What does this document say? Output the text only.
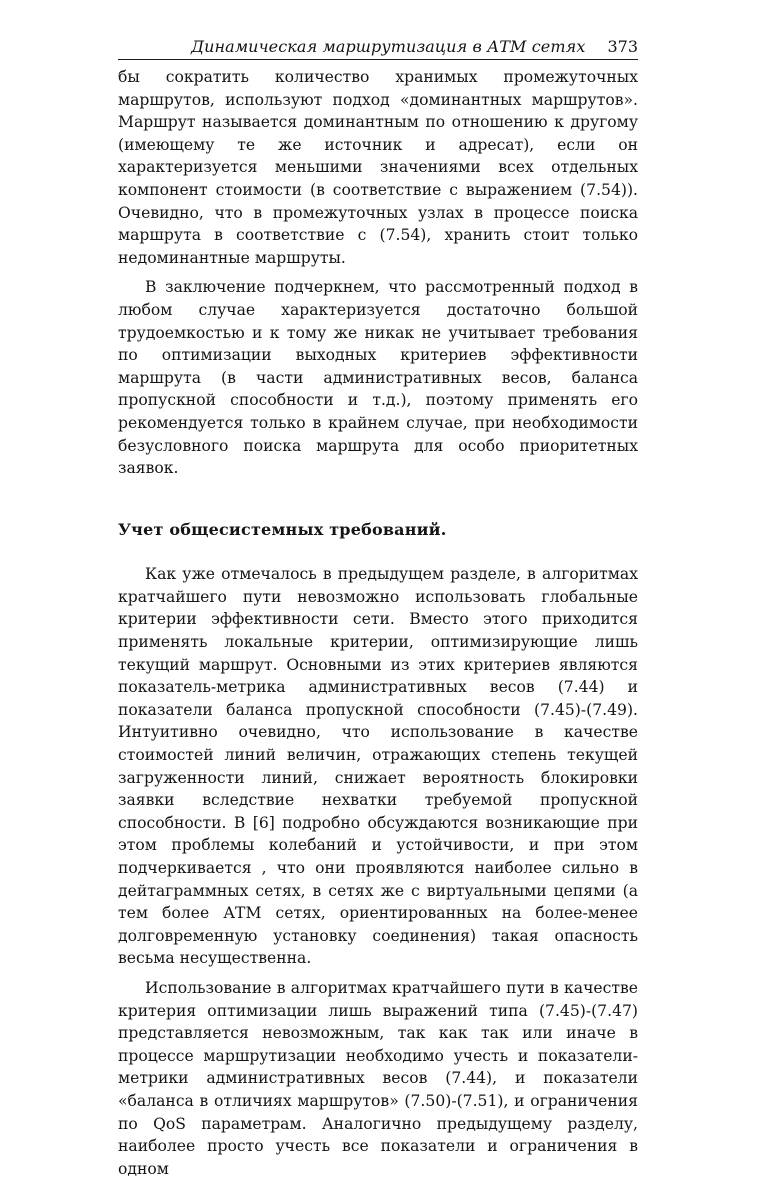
Динамическая маршрутизация в АТМ сетях 373

бы сократить количество хранимых промежуточных маршрутов, используют подход «доминантных маршрутов». Маршрут называется доминантным по отношению к другому (имеющему те же источник и адресат), если он характеризуется меньшими значениями всех отдельных компонент стоимости (в соответствие с выражением (7.54)). Очевидно, что в промежуточных узлах в процессе поиска маршрута в соответствие с (7.54), хранить стоит только недоминантные маршруты.

В заключение подчеркнем, что рассмотренный подход в любом случае характеризуется достаточно большой трудоемкостью и к тому же никак не учитывает требования по оптимизации выходных критериев эффективности маршрута (в части административных весов, баланса пропускной способности и т.д.), поэтому применять его рекомендуется только в крайнем случае, при необходимости безусловного поиска маршрута для особо приоритетных заявок.

Учет общесистемных требований.

Как уже отмечалось в предыдущем разделе, в алгоритмах кратчайшего пути невозможно использовать глобальные критерии эффективности сети. Вместо этого приходится применять локальные критерии, оптимизирующие лишь текущий маршрут. Основными из этих критериев являются показатель-метрика административных весов (7.44) и показатели баланса пропускной способности (7.45)-(7.49). Интуитивно очевидно, что использование в качестве стоимостей линий величин, отражающих степень текущей загруженности линий, снижает вероятность блокировки заявки вследствие нехватки требуемой пропускной способности. В [6] подробно обсуждаются возникающие при этом проблемы колебаний и устойчивости, и при этом подчеркивается , что они проявляются наиболее сильно в дейтаграммных сетях, в сетях же с виртуальными цепями (а тем более АТМ сетях, ориентированных на более-менее долговременную установку соединения) такая опасность весьма несущественна.

Использование в алгоритмах кратчайшего пути в качестве критерия оптимизации лишь выражений типа (7.45)-(7.47) представляется невозможным, так как так или иначе в процессе маршрутизации необходимо учесть и показатели-метрики административных весов (7.44), и показатели «баланса в отличиях маршрутов» (7.50)-(7.51), и ограничения по QoS параметрам. Аналогично предыдущему разделу, наиболее просто учесть все показатели и ограничения в одном
